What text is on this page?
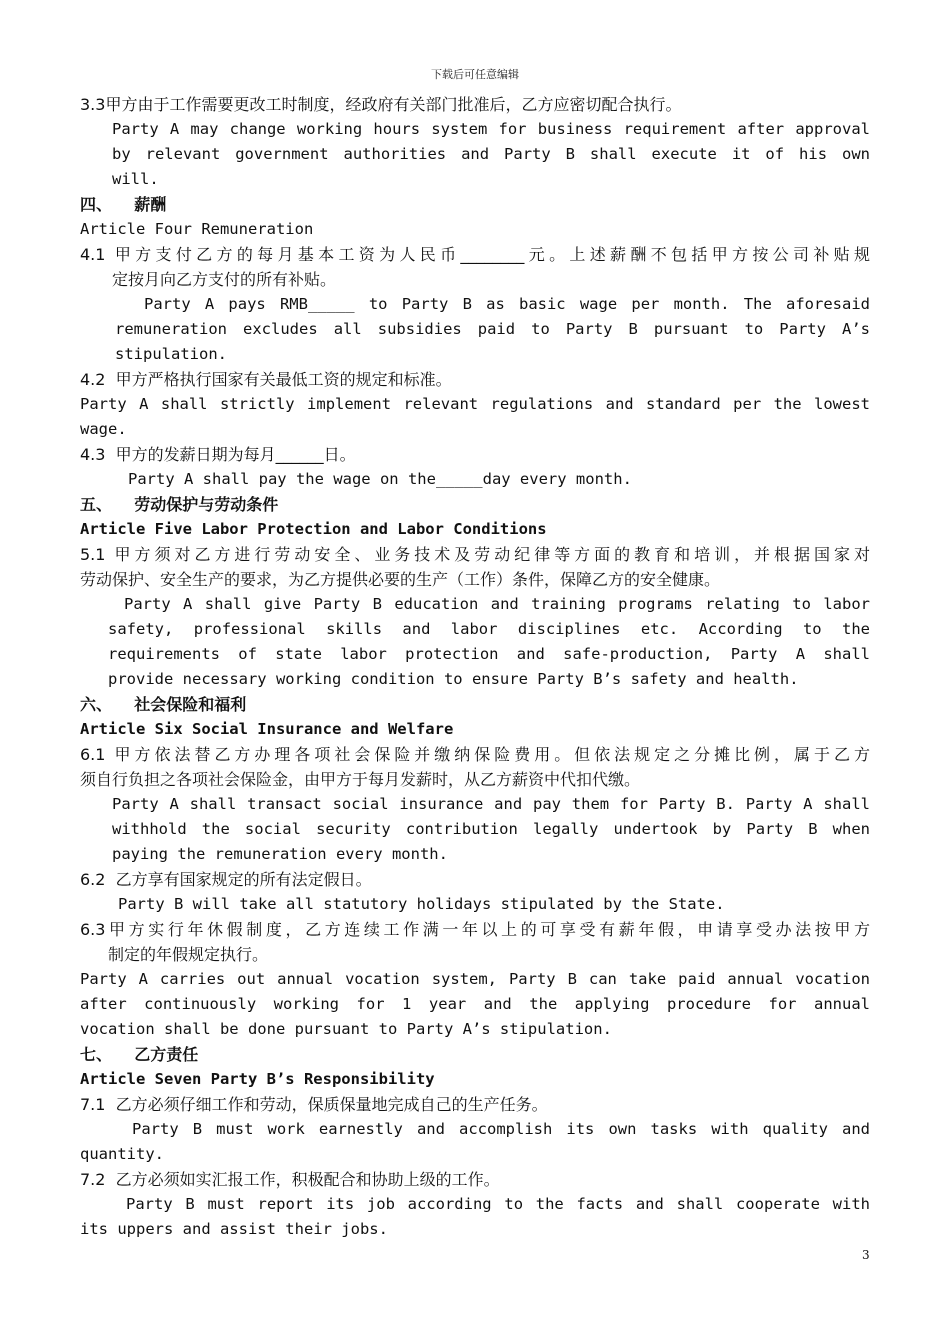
下载后可任意编辑
3.3甲方由于工作需要更改工时制度，经政府有关部门批准后，乙方应密切配合执行。
Party A may change working hours system for business requirement after approval
by relevant government authorities and Party B shall execute it of his own
will.
四、    薪酬
Article Four Remuneration
4.1 甲方支付乙方的每月基本工资为人民币________元。上述薪酬不包括甲方按公司补贴规
定按月向乙方支付的所有补贴。
Party A pays RMB_____ to Party B as basic wage per month. The aforesaid
remuneration excludes all subsidies paid to Party B pursuant to Party A’s
stipulation.
4.2  甲方严格执行国家有关最低工资的规定和标准。
Party A shall strictly implement relevant regulations and standard per the lowest
wage.
4.3  甲方的发薪日期为每月______日。
Party A shall pay the wage on the_____day every month.
五、    劳动保护与劳动条件
Article Five Labor Protection and Labor Conditions
5.1 甲方须对乙方进行劳动安全、业务技术及劳动纪律等方面的教育和培训，并根据国家对
劳动保护、安全生产的要求，为乙方提供必要的生产（工作）条件，保障乙方的安全健康。
Party A shall give Party B education and training programs relating to labor
safety, professional skills and labor disciplines etc. According to the
requirements of state labor protection and safe-production, Party A shall
provide necessary working condition to ensure Party B’s safety and health.
六、    社会保险和福利
Article Six Social Insurance and Welfare
6.1 甲方依法替乙方办理各项社会保险并缴纳保险费用。但依法规定之分摊比例，属于乙方
须自行负担之各项社会保险金，由甲方于每月发薪时，从乙方薪资中代扣代缴。
Party A shall transact social insurance and pay them for Party B. Party A shall
withhold the social security contribution legally undertook by Party B when
paying the remuneration every month.
6.2  乙方享有国家规定的所有法定假日。
Party B will take all statutory holidays stipulated by the State.
6.3甲方实行年休假制度，乙方连续工作满一年以上的可享受有薪年假，申请享受办法按甲方
制定的年假规定执行。
Party A carries out annual vocation system, Party B can take paid annual vocation
after continuously working for 1 year and the applying procedure for annual
vocation shall be done pursuant to Party A’s stipulation.
七、    乙方责任
Article Seven Party B’s Responsibility
7.1  乙方必须仔细工作和劳动，保质保量地完成自己的生产任务。
Party B must work earnestly and accomplish its own tasks with quality and
quantity.
7.2  乙方必须如实汇报工作，积极配合和协助上级的工作。
Party B must report its job according to the facts and shall cooperate with
its uppers and assist their jobs.
3
